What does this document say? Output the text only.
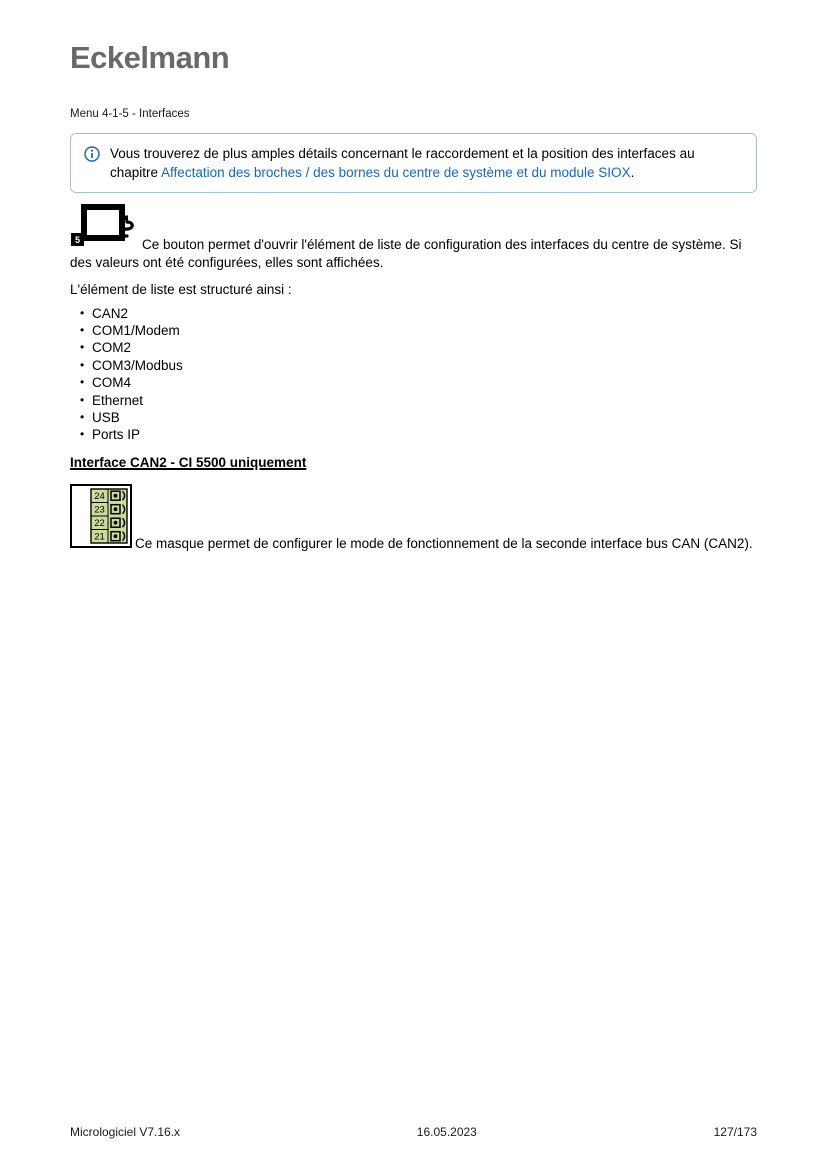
Eckelmann
Menu 4-1-5 - Interfaces

Vous trouverez de plus amples détails concernant le raccordement et la position des interfaces au chapitre Affectation des broches / des bornes du centre de système et du module SIOX.

5	Ce bouton permet d'ouvrir l'élément de liste de configuration des interfaces du centre de système. Si des valeurs ont été configurées, elles sont affichées.

L'élément de liste est structuré ainsi :

• CAN2
• COM1/Modem
• COM2
• COM3/Modbus
• COM4
• Ethernet
• USB
• Ports IP
Interface CAN2 - CI 5500 uniquement

24
23
22
21 Ce masque permet de configurer le mode de fonctionnement de la seconde interface bus CAN (CAN2).

Micrologiciel V7.16.x	16.05.2023	127/173
